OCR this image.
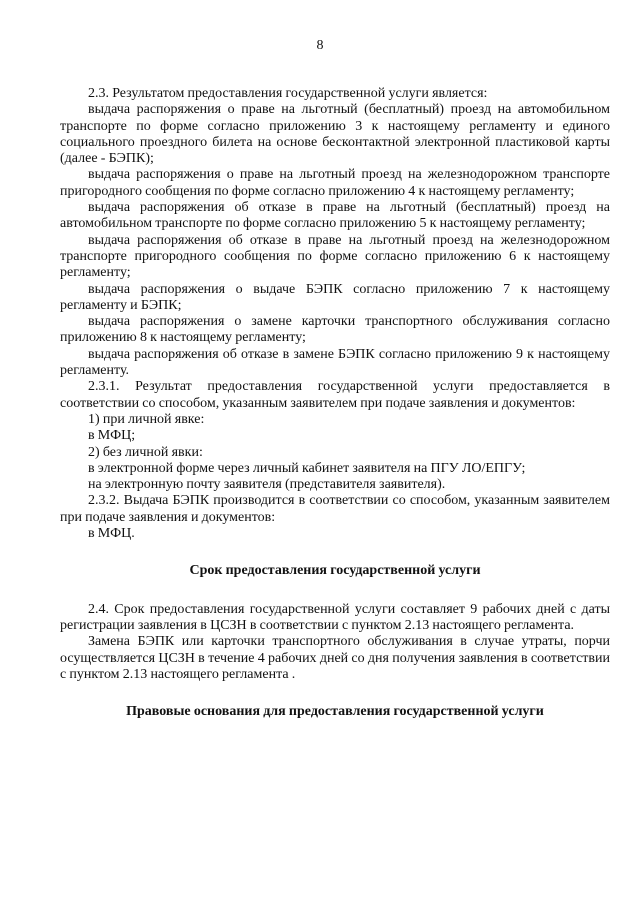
8

2.3. Результатом предоставления государственной услуги является:

выдача распоряжения о праве на льготный (бесплатный) проезд на автомобильном транспорте по форме согласно приложению 3 к настоящему регламенту и единого социального проездного билета на основе бесконтактной электронной пластиковой карты (далее - БЭПК);

выдача распоряжения о праве на льготный проезд на железнодорожном транспорте пригородного сообщения по форме согласно приложению 4 к настоящему регламенту;

выдача распоряжения об отказе в праве на льготный (бесплатный) проезд на автомобильном транспорте по форме согласно приложению 5 к настоящему регламенту;

выдача распоряжения об отказе в праве на льготный проезд на железнодорожном транспорте пригородного сообщения по форме согласно приложению 6 к настоящему регламенту;

выдача распоряжения о выдаче БЭПК согласно приложению 7 к настоящему регламенту и БЭПК;

выдача распоряжения о замене карточки транспортного обслуживания согласно приложению 8 к настоящему регламенту;

выдача распоряжения об отказе в замене БЭПК согласно приложению 9 к настоящему регламенту.

2.3.1. Результат предоставления государственной услуги предоставляется в соответствии со способом, указанным заявителем при подаче заявления и документов:

1) при личной явке:

в МФЦ;

2) без личной явки:

в электронной форме через личный кабинет заявителя на ПГУ ЛО/ЕПГУ;

на электронную почту заявителя (представителя заявителя).

2.3.2. Выдача БЭПК производится в соответствии со способом, указанным заявителем при подаче заявления и документов:

в МФЦ.

Срок предоставления государственной услуги

2.4. Срок предоставления государственной услуги составляет 9 рабочих дней с даты регистрации заявления в ЦСЗН в соответствии с пунктом 2.13 настоящего регламента.

Замена БЭПК или карточки транспортного обслуживания в случае утраты, порчи осуществляется ЦСЗН в течение 4 рабочих дней со дня получения заявления в соответствии с пунктом 2.13 настоящего регламента .

Правовые основания для предоставления государственной услуги
